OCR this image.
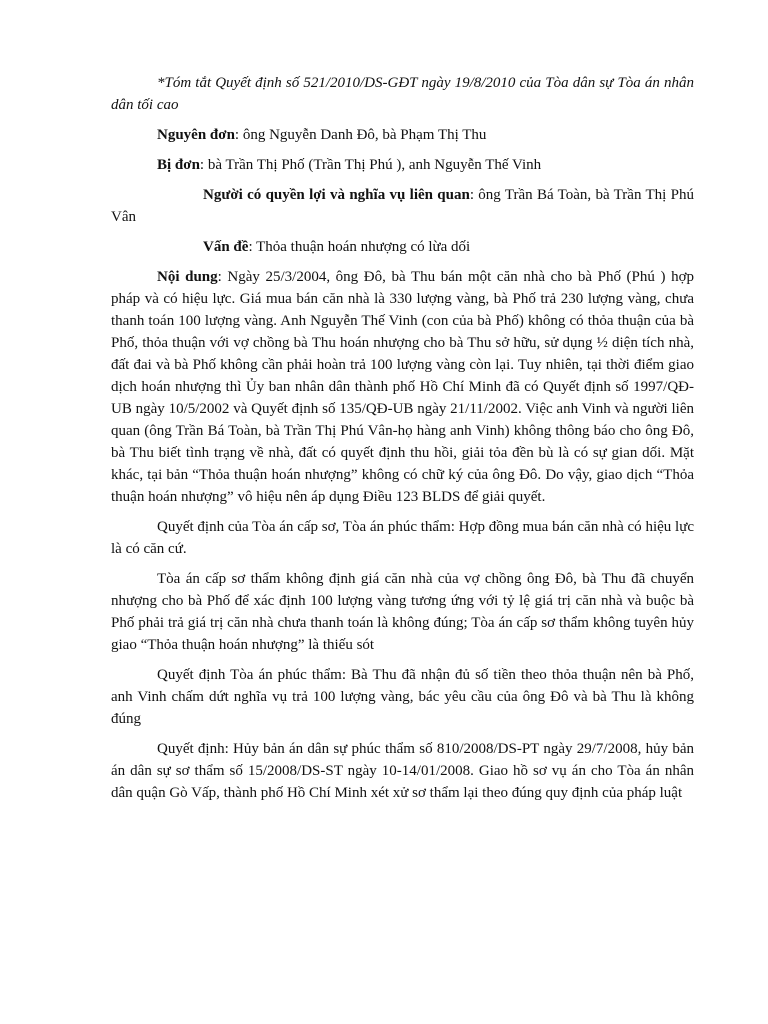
*Tóm tắt Quyết định số 521/2010/DS-GĐT ngày 19/8/2010 của Tòa dân sự Tòa án nhân dân tối cao

Nguyên đơn: ông Nguyễn Danh Đô, bà Phạm Thị Thu

Bị đơn: bà Trần Thị Phố (Trần Thị Phú ), anh Nguyễn Thế Vinh

Người có quyền lợi và nghĩa vụ liên quan: ông Trần Bá Toàn, bà Trần Thị Phú Vân

Vấn đề: Thỏa thuận hoán nhượng có lừa dối

Nội dung: Ngày 25/3/2004, ông Đô, bà Thu bán một căn nhà cho bà Phố (Phú ) hợp pháp và có hiệu lực. Giá mua bán căn nhà là 330 lượng vàng, bà Phố trả 230 lượng vàng, chưa thanh toán 100 lượng vàng. Anh Nguyễn Thế Vinh (con của bà Phố) không có thỏa thuận của bà Phố, thỏa thuận với vợ chồng bà Thu hoán nhượng cho bà Thu sở hữu, sử dụng ½ diện tích nhà, đất đai và bà Phố không cần phải hoàn trả 100 lượng vàng còn lại. Tuy nhiên, tại thời điểm giao dịch hoán nhượng thì Ủy ban nhân dân thành phố Hồ Chí Minh đã có Quyết định số 1997/QĐ-UB ngày 10/5/2002 và Quyết định số 135/QĐ-UB ngày 21/11/2002. Việc anh Vinh và người liên quan (ông Trần Bá Toàn, bà Trần Thị Phú Vân-họ hàng anh Vinh) không thông báo cho ông Đô, bà Thu biết tình trạng về nhà, đất có quyết định thu hồi, giải tỏa đền bù là có sự gian dối. Mặt khác, tại bản “Thỏa thuận hoán nhượng” không có chữ ký của ông Đô. Do vậy, giao dịch “Thỏa thuận hoán nhượng” vô hiệu nên áp dụng Điều 123 BLDS để giải quyết.

Quyết định của Tòa án cấp sơ, Tòa án phúc thẩm: Hợp đồng mua bán căn nhà có hiệu lực là có căn cứ.

Tòa án cấp sơ thẩm không định giá căn nhà của vợ chồng ông Đô, bà Thu đã chuyển nhượng cho bà Phố để xác định 100 lượng vàng tương ứng với tỷ lệ giá trị căn nhà và buộc bà Phố phải trả giá trị căn nhà chưa thanh toán là không đúng; Tòa án cấp sơ thẩm không tuyên hủy giao “Thỏa thuận hoán nhượng” là thiếu sót

Quyết định Tòa án phúc thẩm: Bà Thu đã nhận đủ số tiền theo thỏa thuận nên bà Phố, anh Vinh chấm dứt nghĩa vụ trả 100 lượng vàng, bác yêu cầu của ông Đô và bà Thu là không đúng

Quyết định: Hủy bản án dân sự phúc thẩm số 810/2008/DS-PT ngày 29/7/2008, hủy bản án dân sự sơ thẩm số 15/2008/DS-ST ngày 10-14/01/2008. Giao hồ sơ vụ án cho Tòa án nhân dân quận Gò Vấp, thành phố Hồ Chí Minh xét xử sơ thẩm lại theo đúng quy định của pháp luật
